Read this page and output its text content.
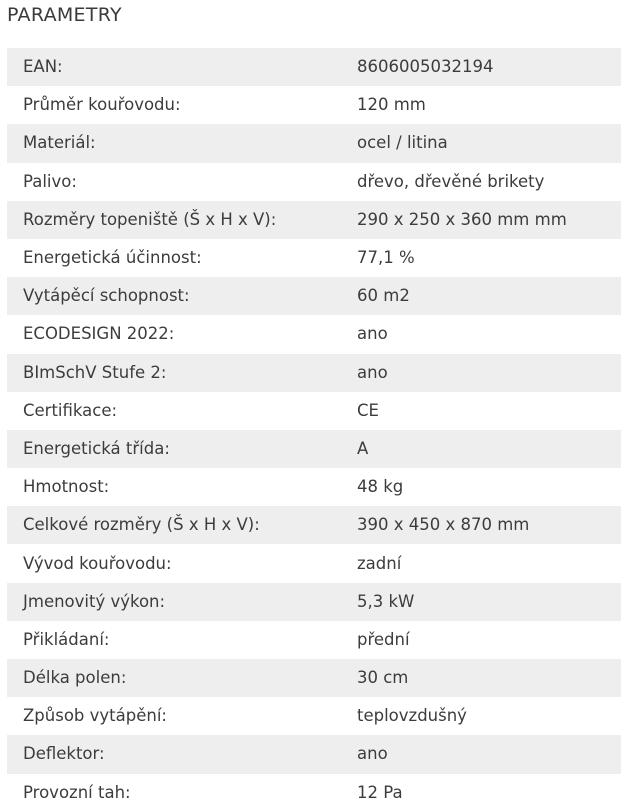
PARAMETRY
EAN:	8606005032194
Průměr kouřovodu:	120 mm
Materiál:	ocel / litina
Palivo:	dřevo, dřevěné brikety
Rozměry topeniště (Š x H x V):	290 x 250 x 360 mm mm
Energetická účinnost:	77,1 %
Vytápěcí schopnost:	60 m2
ECODESIGN 2022:	ano
BImSchV Stufe 2:	ano
Certifikace:	CE
Energetická třída:	A
Hmotnost:	48 kg
Celkové rozměry (Š x H x V):	390 x 450 x 870 mm
Vývod kouřovodu:	zadní
Jmenovitý výkon:	5,3 kW
Přikládaní:	přední
Délka polen:	30 cm
Způsob vytápění:	teplovzdušný
Deflektor:	ano
Provozní tah:	12 Pa
